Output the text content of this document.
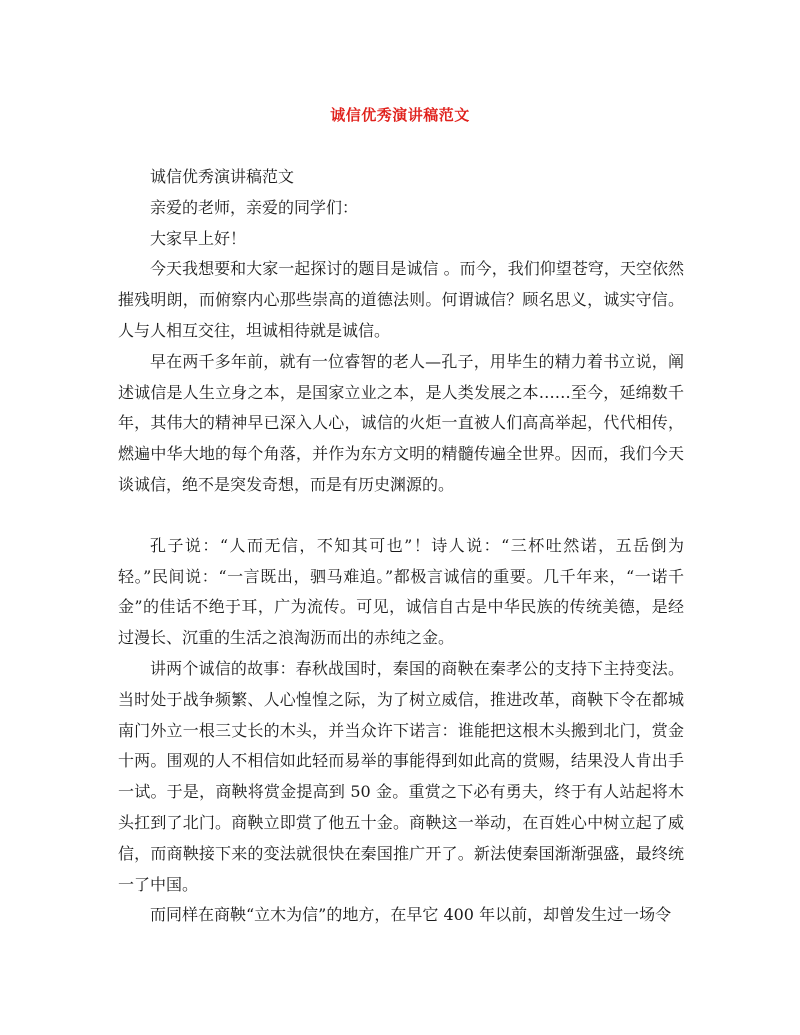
诚信优秀演讲稿范文

诚信优秀演讲稿范文

亲爱的老师，亲爱的同学们：

大家早上好！

今天我想要和大家一起探讨的题目是诚信 。而今，我们仰望苍穹，天空依然摧残明朗，而俯察内心那些崇高的道德法则。何谓诚信？顾名思义，诚实守信。人与人相互交往，坦诚相待就是诚信。

早在两千多年前，就有一位睿智的老人—孔子，用毕生的精力着书立说，阐述诚信是人生立身之本，是国家立业之本，是人类发展之本……至今，延绵数千年，其伟大的精神早已深入人心，诚信的火炬一直被人们高高举起，代代相传，燃遍中华大地的每个角落，并作为东方文明的精髓传遍全世界。因而，我们今天谈诚信，绝不是突发奇想，而是有历史渊源的。

孔子说：“人而无信，不知其可也”！诗人说：“三杯吐然诺，五岳倒为轻。”民间说：“一言既出，驷马难追。”都极言诚信的重要。几千年来，“一诺千金”的佳话不绝于耳，广为流传。可见，诚信自古是中华民族的传统美德，是经过漫长、沉重的生活之浪淘沥而出的赤纯之金。

讲两个诚信的故事：春秋战国时，秦国的商鞅在秦孝公的支持下主持变法。当时处于战争频繁、人心惶惶之际，为了树立威信，推进改革，商鞅下令在都城南门外立一根三丈长的木头，并当众许下诺言：谁能把这根木头搬到北门，赏金十两。围观的人不相信如此轻而易举的事能得到如此高的赏赐，结果没人肯出手一试。于是，商鞅将赏金提高到 50 金。重赏之下必有勇夫，终于有人站起将木头扛到了北门。商鞅立即赏了他五十金。商鞅这一举动，在百姓心中树立起了威信，而商鞅接下来的变法就很快在秦国推广开了。新法使秦国渐渐强盛，最终统一了中国。

而同样在商鞅“立木为信”的地方，在早它 400 年以前，却曾发生过一场令
